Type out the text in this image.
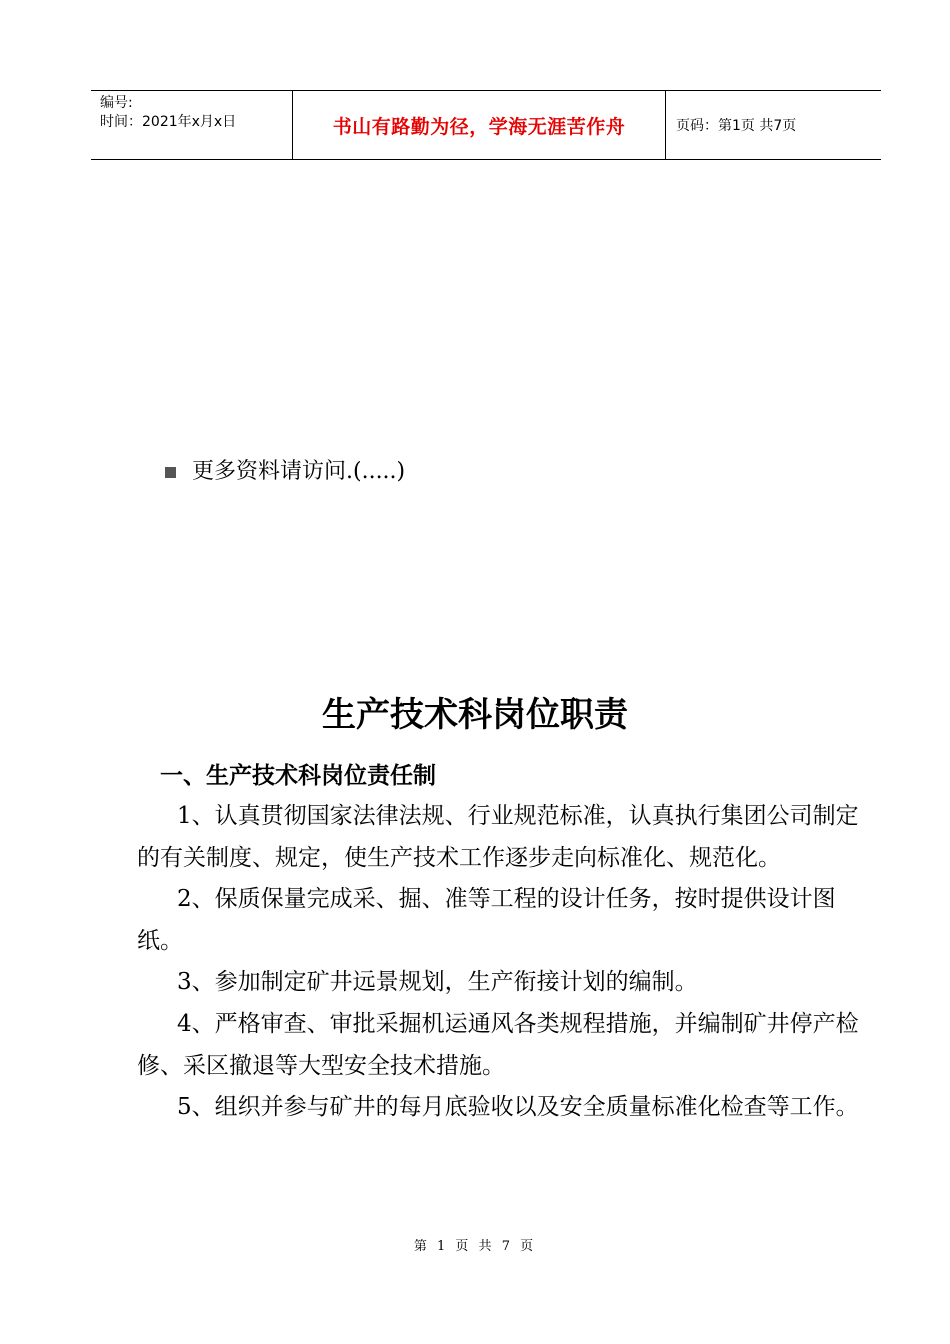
编号:
时间：2021年x月x日	书山有路勤为径，学海无涯苦作舟	页码：第1页 共7页
更多资料请访问.(.....)
生产技术科岗位职责
一、生产技术科岗位责任制

1、认真贯彻国家法律法规、行业规范标准，认真执行集团公司制定的有关制度、规定，使生产技术工作逐步走向标准化、规范化。

2、保质保量完成采、掘、准等工程的设计任务，按时提供设计图纸。

3、参加制定矿井远景规划，生产衔接计划的编制。

4、严格审查、审批采掘机运通风各类规程措施，并编制矿井停产检修、采区撤退等大型安全技术措施。

5、组织并参与矿井的每月底验收以及安全质量标准化检查等工作。

第 1 页 共 7 页
